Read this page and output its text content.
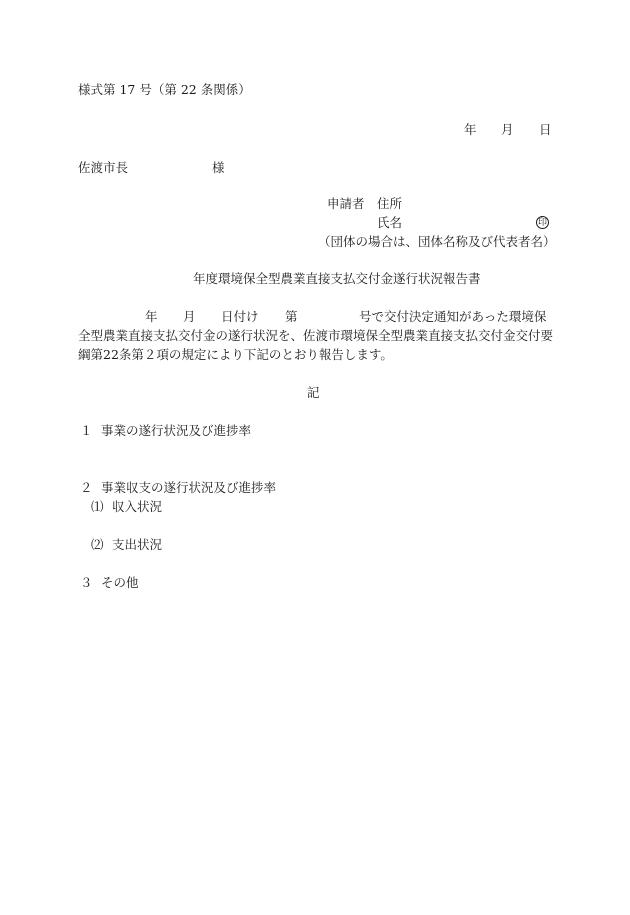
様式第 17 号（第 22 条関係）
年 月 日
佐渡市長	様
申請者 住所
氏名	印
（団体の場合は、団体名称及び代表者名）
年度環境保全型農業直接支払交付金遂行状況報告書
年 月 日付け 第	号で交付決定通知があった環境保
全型農業直接支払交付金の遂行状況を、佐渡市環境保全型農業直接支払交付金交付要
綱第22条第２項の規定により下記のとおり報告します。
記
１ 事業の遂行状況及び進捗率
２ 事業収支の遂行状況及び進捗率
⑴ 収入状況
⑵ 支出状況
３ その他
